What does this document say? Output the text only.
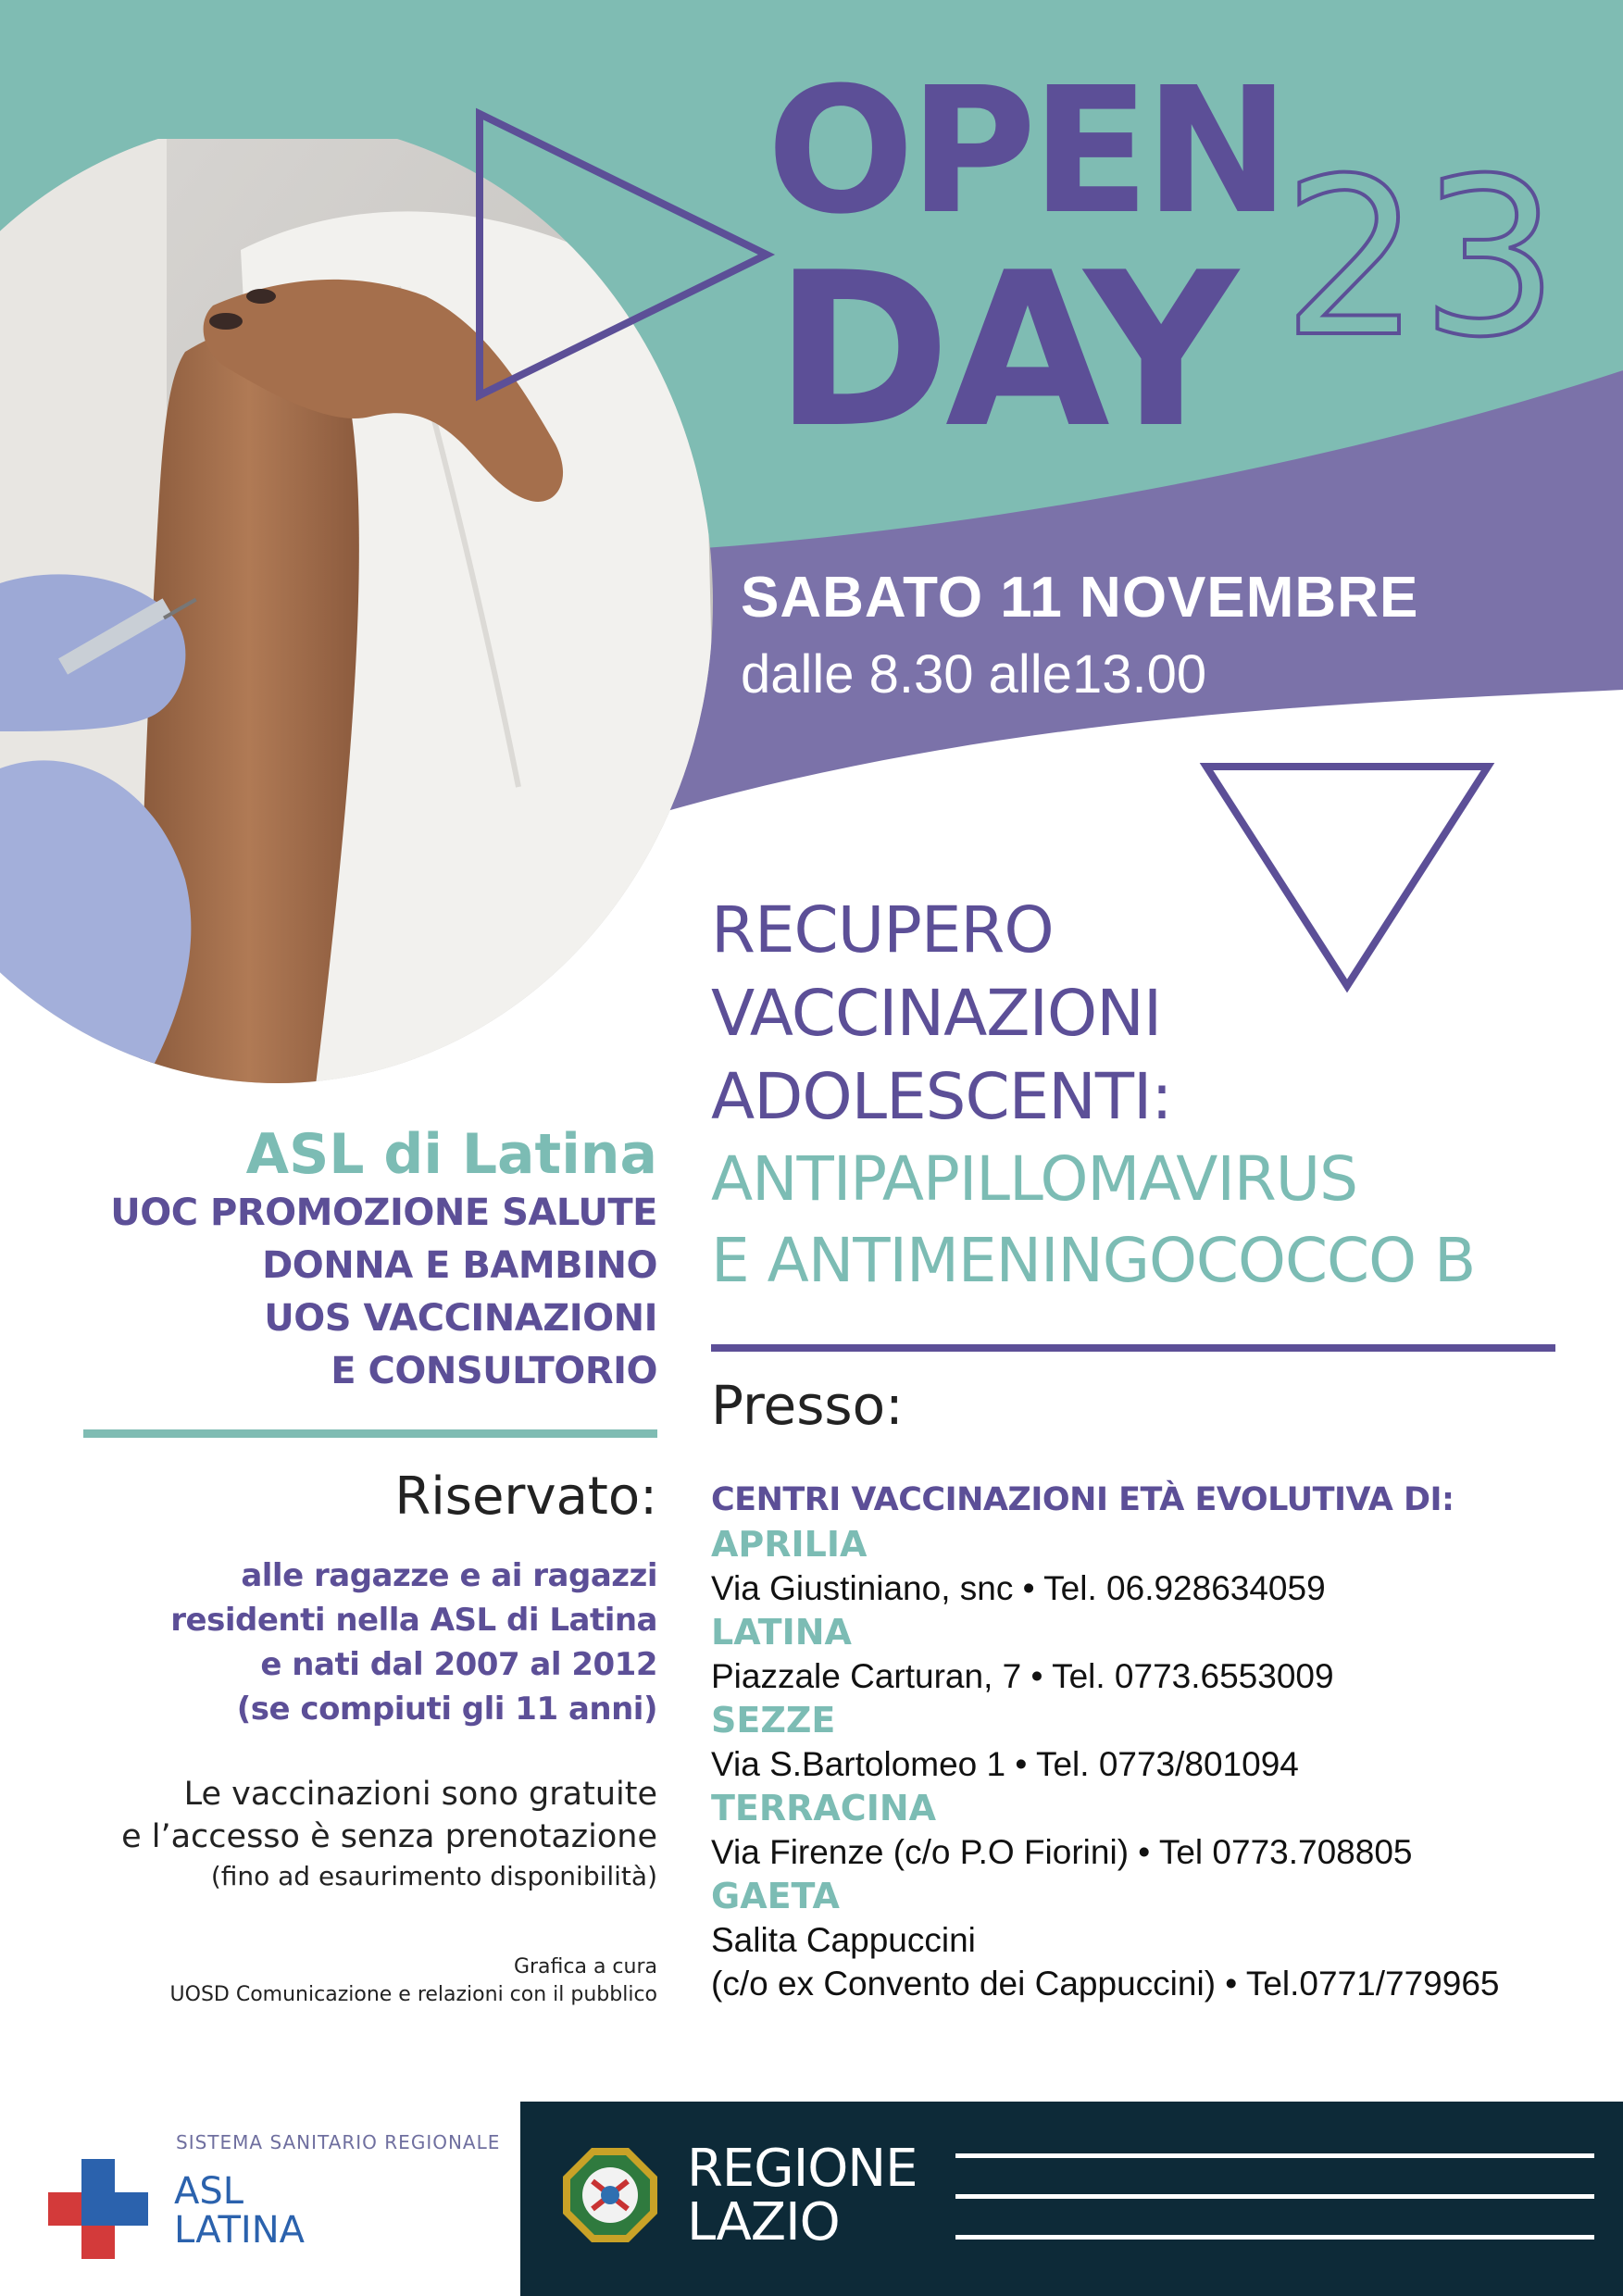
OPEN
DAY 23
SABATO 11 NOVEMBRE
dalle 8.30 alle13.00
RECUPERO
VACCINAZIONI
ADOLESCENTI:
ANTIPAPILLOMAVIRUS
E ANTIMENINGOCOCCO B
Presso:
CENTRI VACCINAZIONI ETÀ EVOLUTIVA DI:
APRILIA
Via Giustiniano, snc • Tel. 06.928634059
LATINA
Piazzale Carturan, 7 • Tel. 0773.6553009
SEZZE
Via S.Bartolomeo 1 • Tel. 0773/801094
TERRACINA
Via Firenze (c/o P.O Fiorini) • Tel 0773.708805
GAETA
Salita Cappuccini
(c/o ex Convento dei Cappuccini) • Tel.0771/779965
ASL di Latina
UOC PROMOZIONE SALUTE
DONNA E BAMBINO
UOS VACCINAZIONI
E CONSULTORIO
Riservato:
alle ragazze e ai ragazzi
residenti nella ASL di Latina
e nati dal 2007 al 2012
(se compiuti gli 11 anni)
Le vaccinazioni sono gratuite
e l’accesso è senza prenotazione
(fino ad esaurimento disponibilità)
Grafica a cura
UOSD Comunicazione e relazioni con il pubblico
SISTEMA SANITARIO REGIONALE
ASL
LATINA
REGIONE
LAZIO
